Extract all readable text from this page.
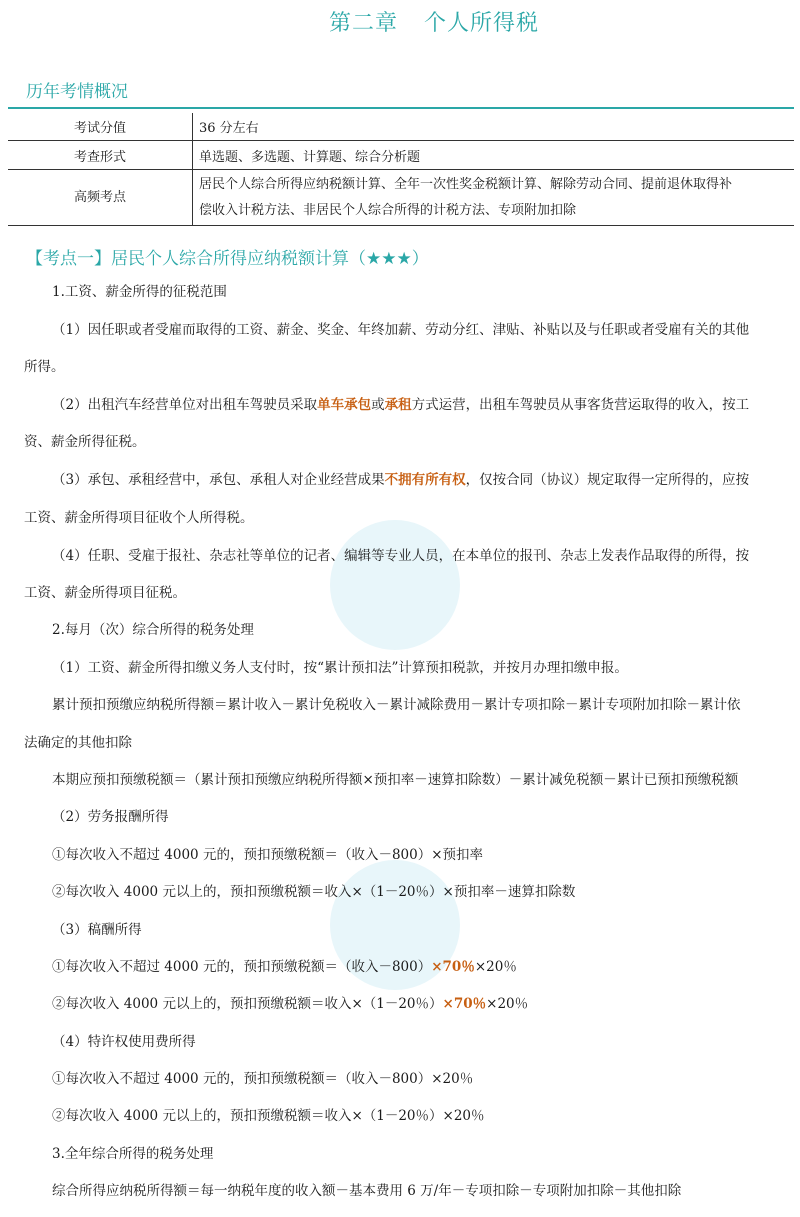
第二章 个人所得税
历年考情概况
考试分值	36 分左右
考查形式	单选题、多选题、计算题、综合分析题
高频考点	居民个人综合所得应纳税额计算、全年一次性奖金税额计算、解除劳动合同、提前退休取得补
偿收入计税方法、非居民个人综合所得的计税方法、专项附加扣除
【考点一】居民个人综合所得应纳税额计算（★★★）
1.工资、薪金所得的征税范围
（1）因任职或者受雇而取得的工资、薪金、奖金、年终加薪、劳动分红、津贴、补贴以及与任职或者受雇有关的其他
所得。
（2）出租汽车经营单位对出租车驾驶员采取单车承包或承租方式运营，出租车驾驶员从事客货营运取得的收入，按工
资、薪金所得征税。
（3）承包、承租经营中，承包、承租人对企业经营成果不拥有所有权，仅按合同（协议）规定取得一定所得的，应按
工资、薪金所得项目征收个人所得税。
（4）任职、受雇于报社、杂志社等单位的记者、编辑等专业人员，在本单位的报刊、杂志上发表作品取得的所得，按
工资、薪金所得项目征税。
2.每月（次）综合所得的税务处理
（1）工资、薪金所得扣缴义务人支付时，按“累计预扣法”计算预扣税款，并按月办理扣缴申报。
累计预扣预缴应纳税所得额＝累计收入－累计免税收入－累计减除费用－累计专项扣除－累计专项附加扣除－累计依
法确定的其他扣除
本期应预扣预缴税额＝（累计预扣预缴应纳税所得额×预扣率－速算扣除数）－累计减免税额－累计已预扣预缴税额
（2）劳务报酬所得
①每次收入不超过 4000 元的，预扣预缴税额＝（收入－800）×预扣率
②每次收入 4000 元以上的，预扣预缴税额＝收入×（1－20％）×预扣率－速算扣除数
（3）稿酬所得
①每次收入不超过 4000 元的，预扣预缴税额＝（收入－800）×70％×20％
②每次收入 4000 元以上的，预扣预缴税额＝收入×（1－20％）×70％×20％
（4）特许权使用费所得
①每次收入不超过 4000 元的，预扣预缴税额＝（收入－800）×20％
②每次收入 4000 元以上的，预扣预缴税额＝收入×（1－20％）×20％
3.全年综合所得的税务处理
综合所得应纳税所得额＝每一纳税年度的收入额－基本费用 6 万/年－专项扣除－专项附加扣除－其他扣除
